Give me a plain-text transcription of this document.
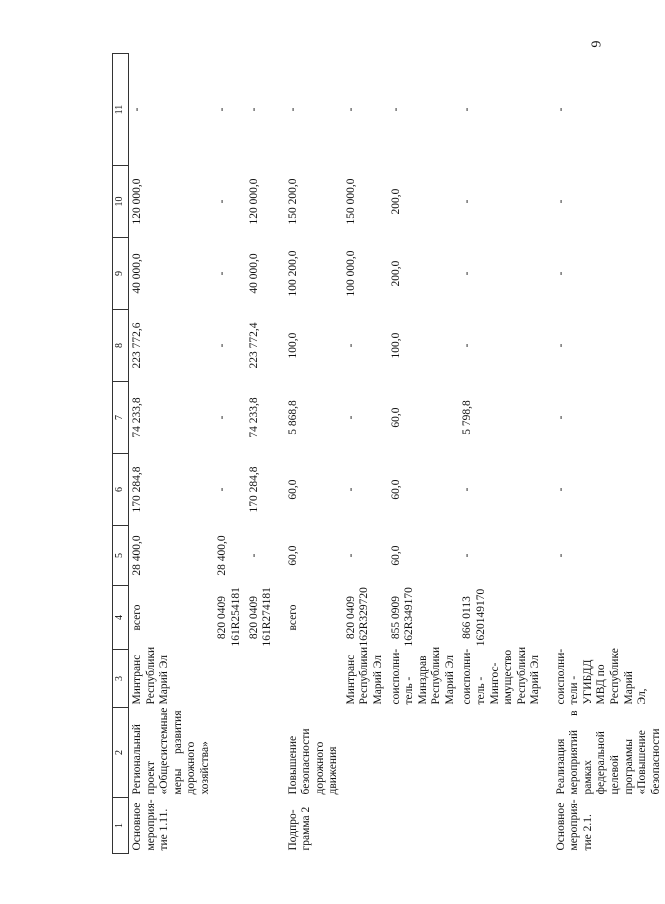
6
1	2	3	4	5	6	7	8	9	10	11
Основное мероприя-тие 1.11.	Региональный проект «Общесистемные меры развития дорожного хозяйства»	Минтранс Республики Марий Эл	всего	28 400,0	170 284,8	74 233,8	223 772,6	40 000,0	120 000,0	-
			820 0409 161R254181	28 400,0	-	-	-	-	-	-
			820 0409 161R274181	-	170 284,8	74 233,8	223 772,4	40 000,0	120 000,0	-

Подпро-грамма 2	Повышение безопасности дорожного движения		всего	60,0	60,0	5 868,8	100,0	100 200,0	150 200,0	-
		Минтранс Республики Марий Эл	820 0409 162R329720	-	-	-	-	100 000,0	150 000,0	-
		соисполни-тель - Минздрав Республики Марий Эл	855 0909 162R349170	60,0	60,0	60,0	100,0	200,0	200,0	-
		соисполни-тель - Мингос-имущество Республики Марий Эл	866 0113 1620149170	-	-	5 798,8	-	-	-	-

Основное мероприя-тие 2.1.	Реализация мероприятий в рамках федеральной целевой программы «Повышение безопасности	соисполни-тели - УГИБДД МВД по Республике Марий Эл,		-	-	-	-	-	-	-
